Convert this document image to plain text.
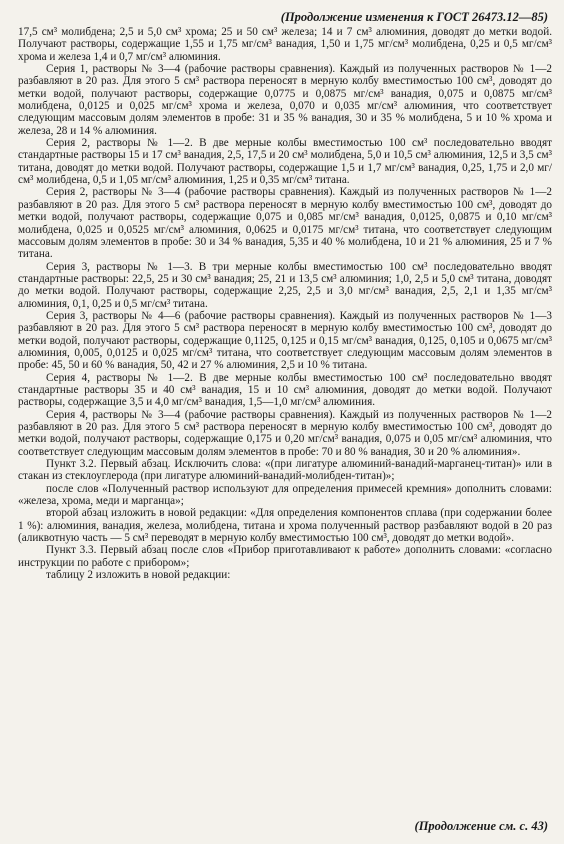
(Продолжение изменения к ГОСТ 26473.12—85)

17,5 см³ молибдена; 2,5 и 5,0 см³ хрома; 25 и 50 см³ железа; 14 и 7 см³ алюминия, доводят до метки водой. Получают растворы, содержащие 1,55 и 1,75 мг/см³ ванадия, 1,50 и 1,75 мг/см³ молибдена, 0,25 и 0,5 мг/см³ хрома и железа 1,4 и 0,7 мг/см³ алюминия.

Серия 1, растворы № 3—4 (рабочие растворы сравнения). Каждый из полученных растворов № 1—2 разбавляют в 20 раз. Для этого 5 см³ раствора переносят в мерную колбу вместимостью 100 см³, доводят до метки водой, получают растворы, содержащие 0,0775 и 0,0875 мг/см³ ванадия, 0,075 и 0,0875 мг/см³ молибдена, 0,0125 и 0,025 мг/см³ хрома и железа, 0,070 и 0,035 мг/см³ алюминия, что соответствует следующим массовым долям элементов в пробе: 31 и 35 % ванадия, 30 и 35 % молибдена, 5 и 10 % хрома и железа, 28 и 14 % алюминия.

Серия 2, растворы № 1—2. В две мерные колбы вместимостью 100 см³ последовательно вводят стандартные растворы 15 и 17 см³ ванадия, 2,5, 17,5 и 20 см³ молибдена, 5,0 и 10,5 см³ алюминия, 12,5 и 3,5 см³ титана, доводят до метки водой. Получают растворы, содержащие 1,5 и 1,7 мг/см³ ванадия, 0,25, 1,75 и 2,0 мг/см³ молибдена, 0,5 и 1,05 мг/см³ алюминия, 1,25 и 0,35 мг/см³ титана.

Серия 2, растворы № 3—4 (рабочие растворы сравнения). Каждый из полученных растворов № 1—2 разбавляют в 20 раз. Для этого 5 см³ раствора переносят в мерную колбу вместимостью 100 см³, доводят до метки водой, получают растворы, содержащие 0,075 и 0,085 мг/см³ ванадия, 0,0125, 0,0875 и 0,10 мг/см³ молибдена, 0,025 и 0,0525 мг/см³ алюминия, 0,0625 и 0,0175 мг/см³ титана, что соответствует следующим массовым долям элементов в пробе: 30 и 34 % ванадия, 5,35 и 40 % молибдена, 10 и 21 % алюминия, 25 и 7 % титана.

Серия 3, растворы № 1—3. В три мерные колбы вместимостью 100 см³ последовательно вводят стандартные растворы: 22,5, 25 и 30 см³ ванадия; 25, 21 и 13,5 см³ алюминия; 1,0, 2,5 и 5,0 см³ титана, доводят до метки водой. Получают растворы, содержащие 2,25, 2,5 и 3,0 мг/см³ ванадия, 2,5, 2,1 и 1,35 мг/см³ алюминия, 0,1, 0,25 и 0,5 мг/см³ титана.

Серия 3, растворы № 4—6 (рабочие растворы сравнения). Каждый из полученных растворов № 1—3 разбавляют в 20 раз. Для этого 5 см³ раствора переносят в мерную колбу вместимостью 100 см³, доводят до метки водой, получают растворы, содержащие 0,1125, 0,125 и 0,15 мг/см³ ванадия, 0,125, 0,105 и 0,0675 мг/см³ алюминия, 0,005, 0,0125 и 0,025 мг/см³ титана, что соответствует следующим массовым долям элементов в пробе: 45, 50 и 60 % ванадия, 50, 42 и 27 % алюминия, 2,5 и 10 % титана.

Серия 4, растворы № 1—2. В две мерные колбы вместимостью 100 см³ последовательно вводят стандартные растворы 35 и 40 см³ ванадия, 15 и 10 см³ алюминия, доводят до метки водой. Получают растворы, содержащие 3,5 и 4,0 мг/см³ ванадия, 1,5—1,0 мг/см³ алюминия.

Серия 4, растворы № 3—4 (рабочие растворы сравнения). Каждый из полученных растворов № 1—2 разбавляют в 20 раз. Для этого 5 см³ раствора переносят в мерную колбу вместимостью 100 см³, доводят до метки водой, получают растворы, содержащие 0,175 и 0,20 мг/см³ ванадия, 0,075 и 0,05 мг/см³ алюминия, что соответствует следующим массовым долям элементов в пробе: 70 и 80 % ванадия, 30 и 20 % алюминия».

Пункт 3.2. Первый абзац. Исключить слова: «(при лигатуре алюминий-ванадий-марганец-титан)» или в стакан из стеклоуглерода (при лигатуре алюминий-ванадий-молибден-титан)»;

после слов «Полученный раствор используют для определения примесей кремния» дополнить словами: «железа, хрома, меди и марганца»;

второй абзац изложить в новой редакции: «Для определения компонентов сплава (при содержании более 1 %): алюминия, ванадия, железа, молибдена, титана и хрома полученный раствор разбавляют водой в 20 раз (аликвотную часть — 5 см³ переводят в мерную колбу вместимостью 100 см³, доводят до метки водой».

Пункт 3.3. Первый абзац после слов «Прибор приготавливают к работе» дополнить словами: «согласно инструкции по работе с прибором»;

таблицу 2 изложить в новой редакции:

(Продолжение см. с. 43)
